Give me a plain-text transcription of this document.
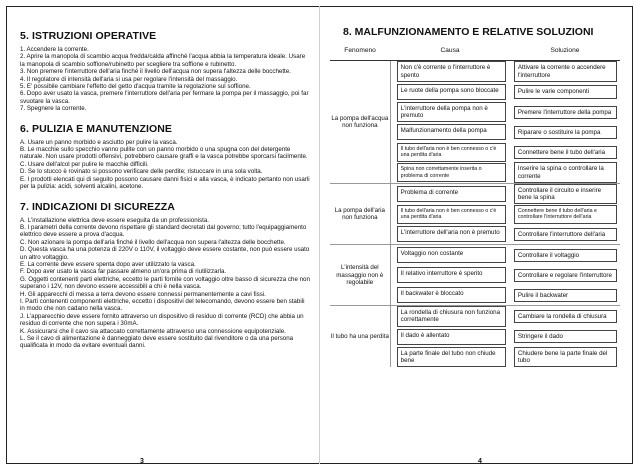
5. ISTRUZIONI OPERATIVE

1. Accendere la corrente.
2. Aprire la manopola di scambio acqua fredda/calda affinché l'acqua abbia la temperatura ideale. Usare la manopola di scambio soffione/rubinetto per scegliere tra soffione e rubinetto.
3. Non premere l'interruttore dell'aria finché il livello dell'acqua non supera l'altezza delle bocchette.
4. Il regolatore di intensità dell'aria si usa per regolare l'intensità del massaggio.
5. E' possibile cambiare l'effetto del getto d'acqua tramite la regolazione sul soffione.
6. Dopo aver usato la vasca, premere l'interruttore dell'aria per fermare la pompa per il massaggio, poi far svuotare la vasca.
7. Spegnere la corrente.

6. PULIZIA E MANUTENZIONE

A. Usare un panno morbido e asciutto per pulire la vasca.
B. Le macchie sullo specchio vanno pulite con un panno morbido o una spugna con del detergente naturale. Non usare prodotti offensivi, potrebbero causare graffi e la vasca potrebbe sporcarsi facilmente.
C. Usare dell'alcol per pulire le macchie difficili.
D. Se lo stucco è rovinato si possono verificare delle perdite; ristuccare in una sola volta.
E. I prodotti elencati qui di seguito possono causare danni fisici e alla vasca, è indicato pertanto non usarli per la pulizia: acidi, solventi alcalini, acetone.

7. INDICAZIONI DI SICUREZZA

A. L'installazione elettrica deve essere eseguita da un professionista.
B. I parametri della corrente devono rispettare gli standard decretati dal governo; tutto l'equipaggiamento elettrico deve essere a prova d'acqua.
C. Non azionare la pompa dell'aria finché il livello dell'acqua non supera l'altezza delle bocchette.
D. Questa vasca ha una potenza di 220V o 110V, il voltaggio deve essere costante, non può essere usato un altro voltaggio.
E. La corrente deve essere spenta dopo aver utilizzato la vasca.
F. Dopo aver usato la vasca far passare almeno un'ora prima di riutilizzarla.
G. Oggetti contenenti parti elettriche, eccetto le parti fornite con voltaggio oltre basso di sicurezza che non superano i 12V, non devono essere accessibili a chi è nella vasca.
H. Gli apparecchi di messa a terra devono essere connessi permanentemente a cavi fissi.
I. Parti contenenti componenti elettriche, eccetto i dispositivi del telecomando, devono essere ben stabili in modo che non cadano nella vasca.
J. L'apparecchio deve essere fornito attraverso un dispositivo di residuo di corrente (RCD) che abbia un residuo di corrente che non supera i 30mA.
K. Assicurarsi che il cavo sia attaccato correttamente attraverso una connessione equipotenziale.
L. Se il cavo di alimentazione è danneggiato deve essere sostituito dal rivenditore o da una persona qualificata in modo da evitare eventuali danni.

3
8. MALFUNZIONAMENTO E RELATIVE SOLUZIONI
Fenomeno	Causa	Soluzione
La pompa dell'acqua non funziona	Non c'è corrente o l'interruttore è spento	Attivare la corrente o accendere l'interruttore

	Le ruote della pompa sono bloccate	Pulire le varie componenti

	L'interruttore della pompa non è premuto	Premere l'interruttore della pompa

	Malfunzionamento della pompa	Riparare o sostituire la pompa

	Il tubo dell'aria non è ben connesso o c'è una perdita d'aria	Connettere bene il tubo dell'aria

	Spina non correttamente inserita o problema di corrente	Inserire la spina o controllare la corrente

La pompa dell'aria non funziona	Problema di corrente	Controllare il circuito e inserire bene la spina

	Il tubo dell'aria non è ben connesso o c'è una perdita d'aria	Connettere bene il tubo dell'aria e controllare l'interruttore dell'aria

	L'interruttore dell'aria non è premuto	Controllare l'interruttore dell'aria

L'intensità del massaggio non è regolabile	Voltaggio non costante	Controllare il voltaggio

	Il relativo interruttore è sperito	Controllare e regolare l'interruttore

	Il backwater è bloccato	Pulire il backwater

Il tubo ha una perdita	La rondella di chiusura non funziona correttamente	Cambiare la rondella di chiusura

	Il dado è allentato	Stringere il dado

	La parte finale del tubo non chiude bene	Chiudere bene la parte finale del tubo
4
